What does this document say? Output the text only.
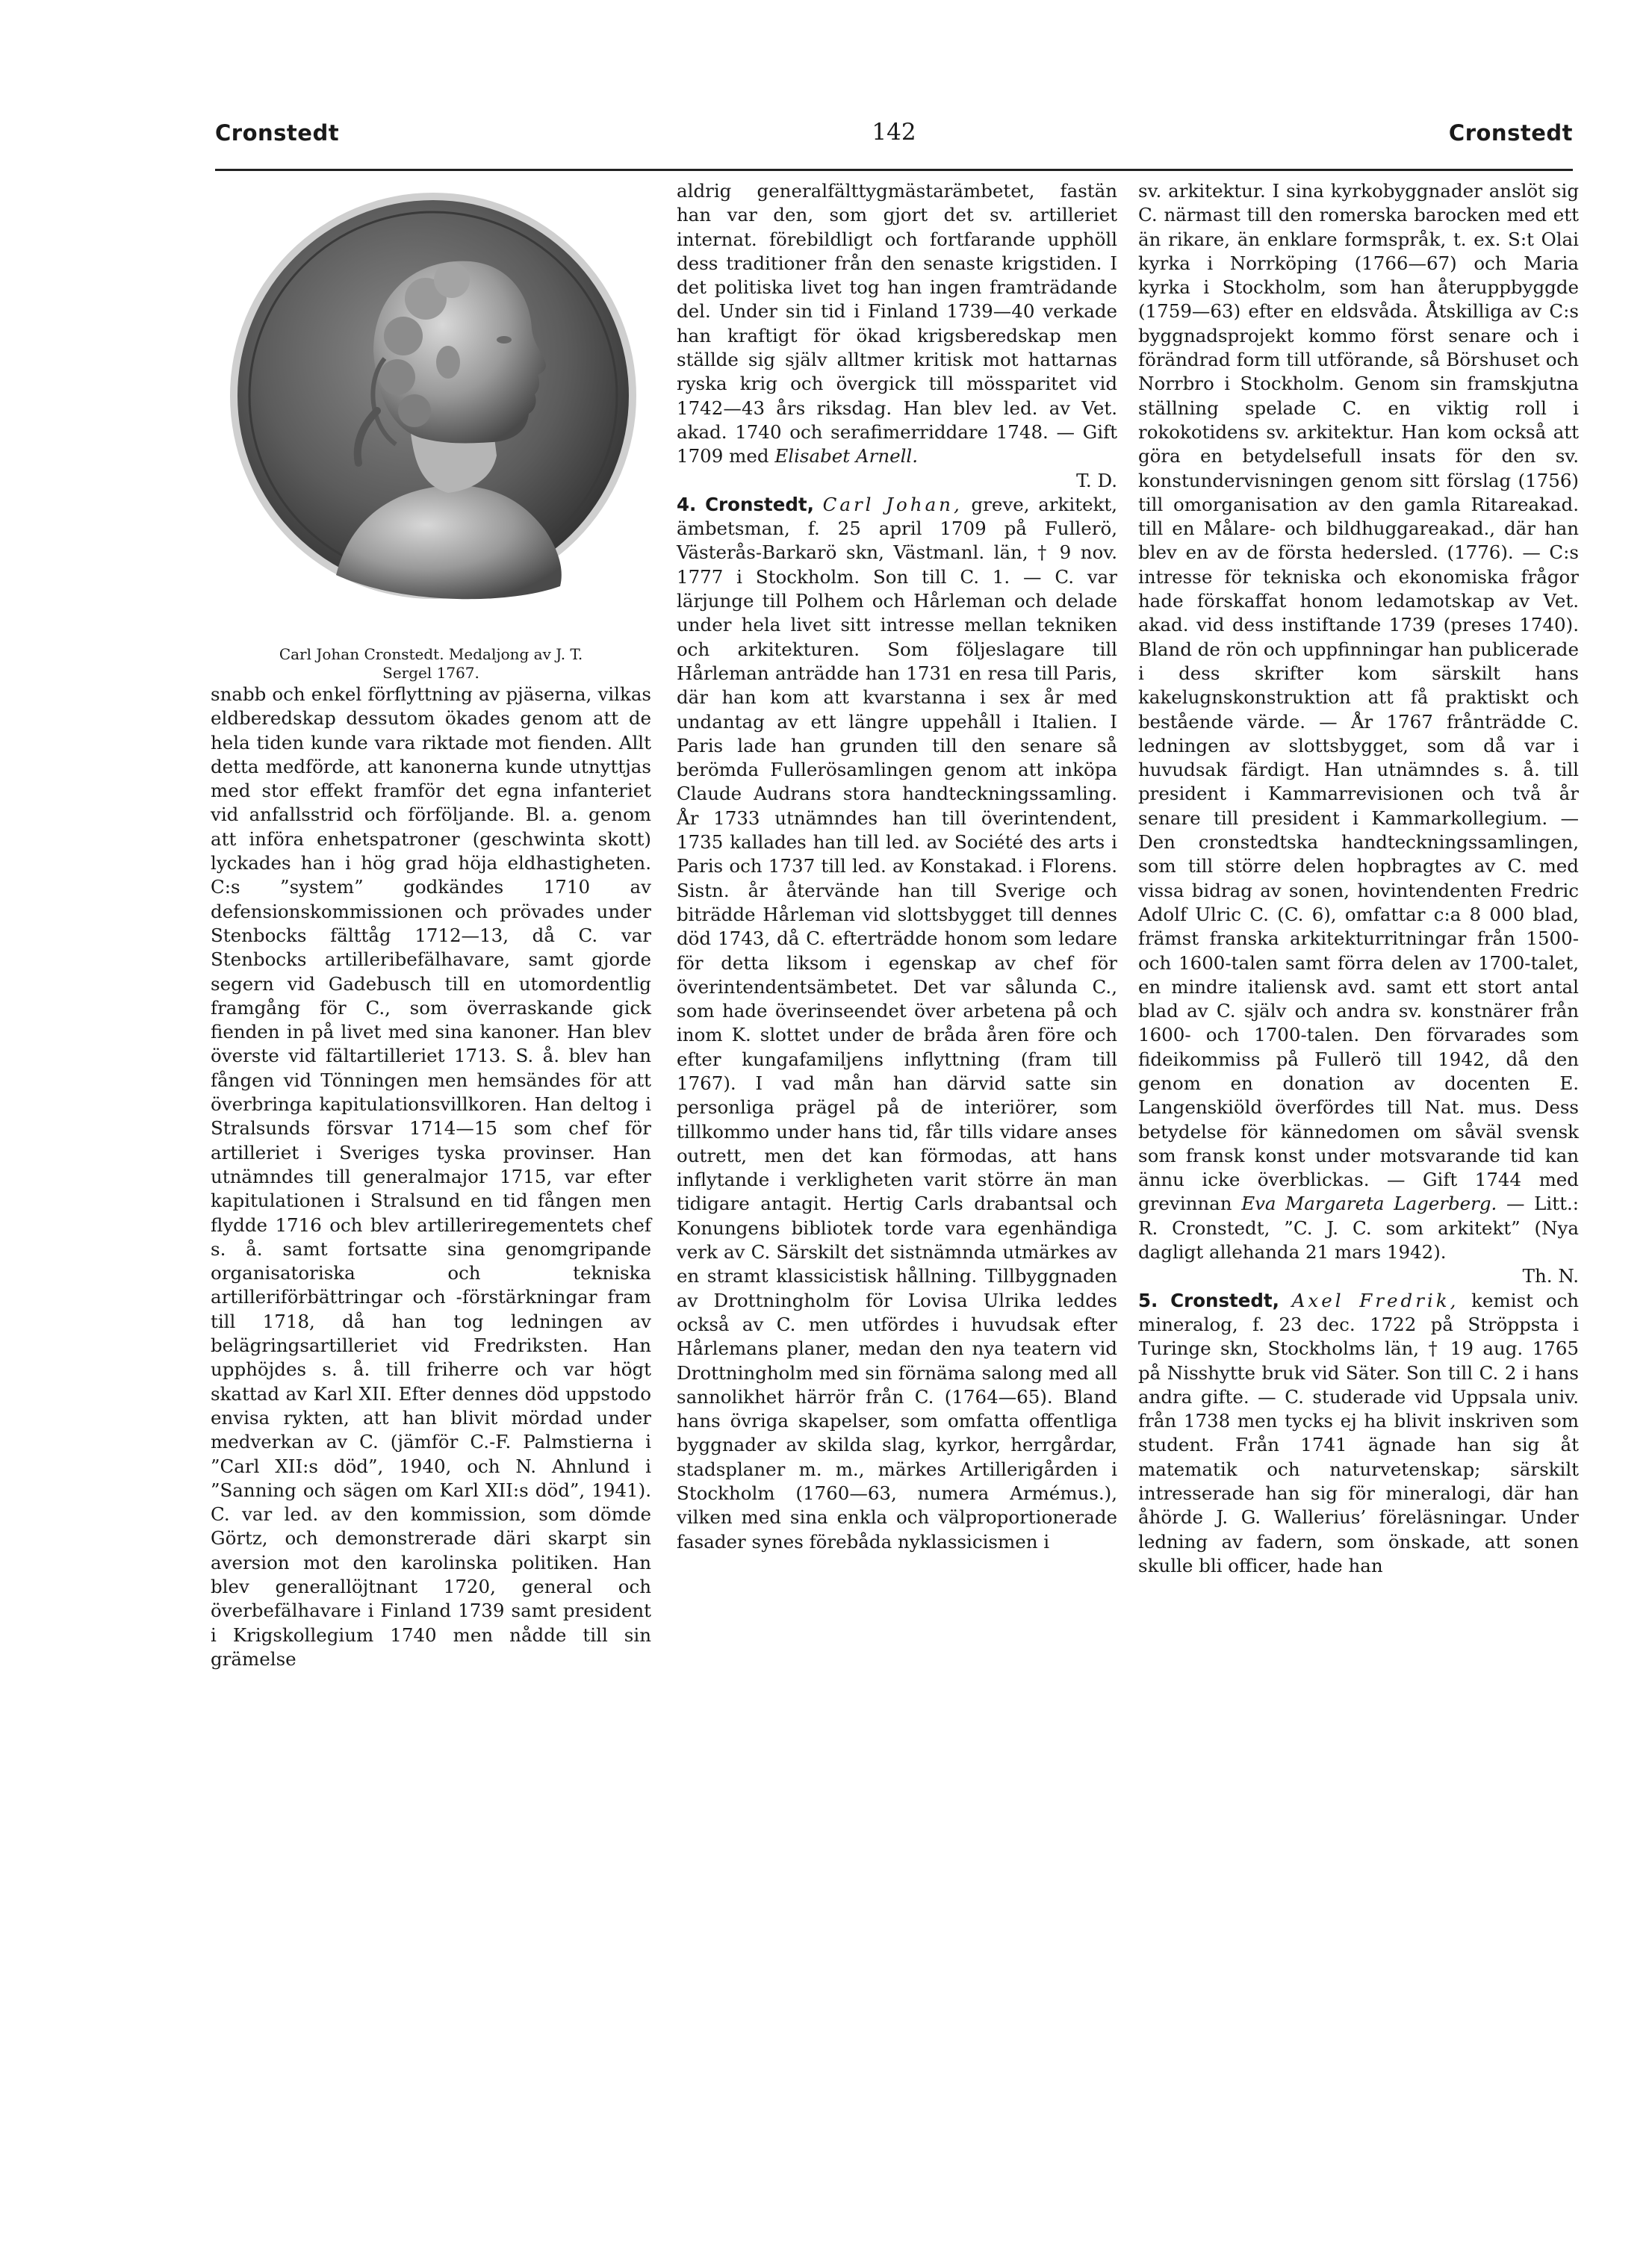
Cronstedt	142	Cronstedt

Carl Johan Cronstedt. Medaljong av J. T.
Sergel 1767.

snabb och enkel förflyttning av pjäserna, vilkas eldberedskap dessutom ökades genom att de hela tiden kunde vara riktade mot fienden. Allt detta medförde, att kanonerna kunde utnyttjas med stor effekt framför det egna infanteriet vid anfallsstrid och förföljande. Bl. a. genom att införa enhetspatroner (geschwinta skott) lyckades han i hög grad höja eldhastigheten. C:s ”system” godkändes 1710 av defensionskommissionen och prövades under Stenbocks fälttåg 1712—13, då C. var Stenbocks artilleribefälhavare, samt gjorde segern vid Gadebusch till en utomordentlig framgång för C., som överraskande gick fienden in på livet med sina kanoner. Han blev överste vid fältartilleriet 1713. S. å. blev han fången vid Tönningen men hemsändes för att överbringa kapitulationsvillkoren. Han deltog i Stralsunds försvar 1714—15 som chef för artilleriet i Sveriges tyska provinser. Han utnämndes till generalmajor 1715, var efter kapitulationen i Stralsund en tid fången men flydde 1716 och blev artilleriregementets chef s. å. samt fortsatte sina genomgripande organisatoriska och tekniska artilleriförbättringar och -förstärkningar fram till 1718, då han tog ledningen av belägringsartilleriet vid Fredriksten. Han upphöjdes s. å. till friherre och var högt skattad av Karl XII. Efter dennes död uppstodo envisa rykten, att han blivit mördad under medverkan av C. (jämför C.-F. Palmstierna i ”Carl XII:s död”, 1940, och N. Ahnlund i ”Sanning och sägen om Karl XII:s död”, 1941). C. var led. av den kommission, som dömde Görtz, och demonstrerade däri skarpt sin aversion mot den karolinska politiken. Han blev generallöjtnant 1720, general och överbefälhavare i Finland 1739 samt president i Krigskollegium 1740 men nådde till sin grämelse

aldrig generalfälttygmästarämbetet, fastän han var den, som gjort det sv. artilleriet internat. förebildligt och fortfarande upphöll dess traditioner från den senaste krigstiden. I det politiska livet tog han ingen framträdande del. Under sin tid i Finland 1739—40 verkade han kraftigt för ökad krigsberedskap men ställde sig själv alltmer kritisk mot hattarnas ryska krig och övergick till mössparitet vid 1742—43 års riksdag. Han blev led. av Vet. akad. 1740 och serafimerriddare 1748. — Gift 1709 med Elisabet Arnell.

T. D.

4. Cronstedt, Carl Johan, greve, arkitekt, ämbetsman, f. 25 april 1709 på Fullerö, Västerås-Barkarö skn, Västmanl. län, † 9 nov. 1777 i Stockholm. Son till C. 1. — C. var lärjunge till Polhem och Hårleman och delade under hela livet sitt intresse mellan tekniken och arkitekturen. Som följeslagare till Hårleman anträdde han 1731 en resa till Paris, där han kom att kvarstanna i sex år med undantag av ett längre uppehåll i Italien. I Paris lade han grunden till den senare så berömda Fullerösamlingen genom att inköpa Claude Audrans stora handteckningssamling. År 1733 utnämndes han till överintendent, 1735 kallades han till led. av Société des arts i Paris och 1737 till led. av Konstakad. i Florens. Sistn. år återvände han till Sverige och biträdde Hårleman vid slottsbygget till dennes död 1743, då C. efterträdde honom som ledare för detta liksom i egenskap av chef för överintendentsämbetet. Det var sålunda C., som hade överinseendet över arbetena på och inom K. slottet under de bråda åren före och efter kungafamiljens inflyttning (fram till 1767). I vad mån han därvid satte sin personliga prägel på de interiörer, som tillkommo under hans tid, får tills vidare anses outrett, men det kan förmodas, att hans inflytande i verkligheten varit större än man tidigare antagit. Hertig Carls drabantsal och Konungens bibliotek torde vara egenhändiga verk av C. Särskilt det sistnämnda utmärkes av en stramt klassicistisk hållning. Tillbyggnaden av Drottningholm för Lovisa Ulrika leddes också av C. men utfördes i huvudsak efter Hårlemans planer, medan den nya teatern vid Drottningholm med sin förnäma salong med all sannolikhet härrör från C. (1764—65). Bland hans övriga skapelser, som omfatta offentliga byggnader av skilda slag, kyrkor, herrgårdar, stadsplaner m. m., märkes Artillerigården i Stockholm (1760—63, numera Armémus.), vilken med sina enkla och välproportionerade fasader synes förebåda nyklassicismen i

sv. arkitektur. I sina kyrkobyggnader anslöt sig C. närmast till den romerska barocken med ett än rikare, än enklare formspråk, t. ex. S:t Olai kyrka i Norrköping (1766—67) och Maria kyrka i Stockholm, som han återuppbyggde (1759—63) efter en eldsvåda. Åtskilliga av C:s byggnadsprojekt kommo först senare och i förändrad form till utförande, så Börshuset och Norrbro i Stockholm. Genom sin framskjutna ställning spelade C. en viktig roll i rokokotidens sv. arkitektur. Han kom också att göra en betydelsefull insats för den sv. konstundervisningen genom sitt förslag (1756) till omorganisation av den gamla Ritareakad. till en Målare- och bildhuggareakad., där han blev en av de första hedersled. (1776). — C:s intresse för tekniska och ekonomiska frågor hade förskaffat honom ledamotskap av Vet. akad. vid dess instiftande 1739 (preses 1740). Bland de rön och uppfinningar han publicerade i dess skrifter kom särskilt hans kakelugnskonstruktion att få praktiskt och bestående värde. — År 1767 frånträdde C. ledningen av slottsbygget, som då var i huvudsak färdigt. Han utnämndes s. å. till president i Kammarrevisionen och två år senare till president i Kammarkollegium. — Den cronstedtska handteckningssamlingen, som till större delen hopbragtes av C. med vissa bidrag av sonen, hovintendenten Fredric Adolf Ulric C. (C. 6), omfattar c:a 8 000 blad, främst franska arkitekturritningar från 1500- och 1600-talen samt förra delen av 1700-talet, en mindre italiensk avd. samt ett stort antal blad av C. själv och andra sv. konstnärer från 1600- och 1700-talen. Den förvarades som fideikommiss på Fullerö till 1942, då den genom en donation av docenten E. Langenskiöld överfördes till Nat. mus. Dess betydelse för kännedomen om såväl svensk som fransk konst under motsvarande tid kan ännu icke överblickas. — Gift 1744 med grevinnan Eva Margareta Lagerberg. — Litt.: R. Cronstedt, ”C. J. C. som arkitekt” (Nya dagligt allehanda 21 mars 1942).

Th. N.

5. Cronstedt, Axel Fredrik, kemist och mineralog, f. 23 dec. 1722 på Ströppsta i Turinge skn, Stockholms län, † 19 aug. 1765 på Nisshytte bruk vid Säter. Son till C. 2 i hans andra gifte. — C. studerade vid Uppsala univ. från 1738 men tycks ej ha blivit inskriven som student. Från 1741 ägnade han sig åt matematik och naturvetenskap; särskilt intresserade han sig för mineralogi, där han åhörde J. G. Wallerius’ föreläsningar. Under ledning av fadern, som önskade, att sonen skulle bli officer, hade han
